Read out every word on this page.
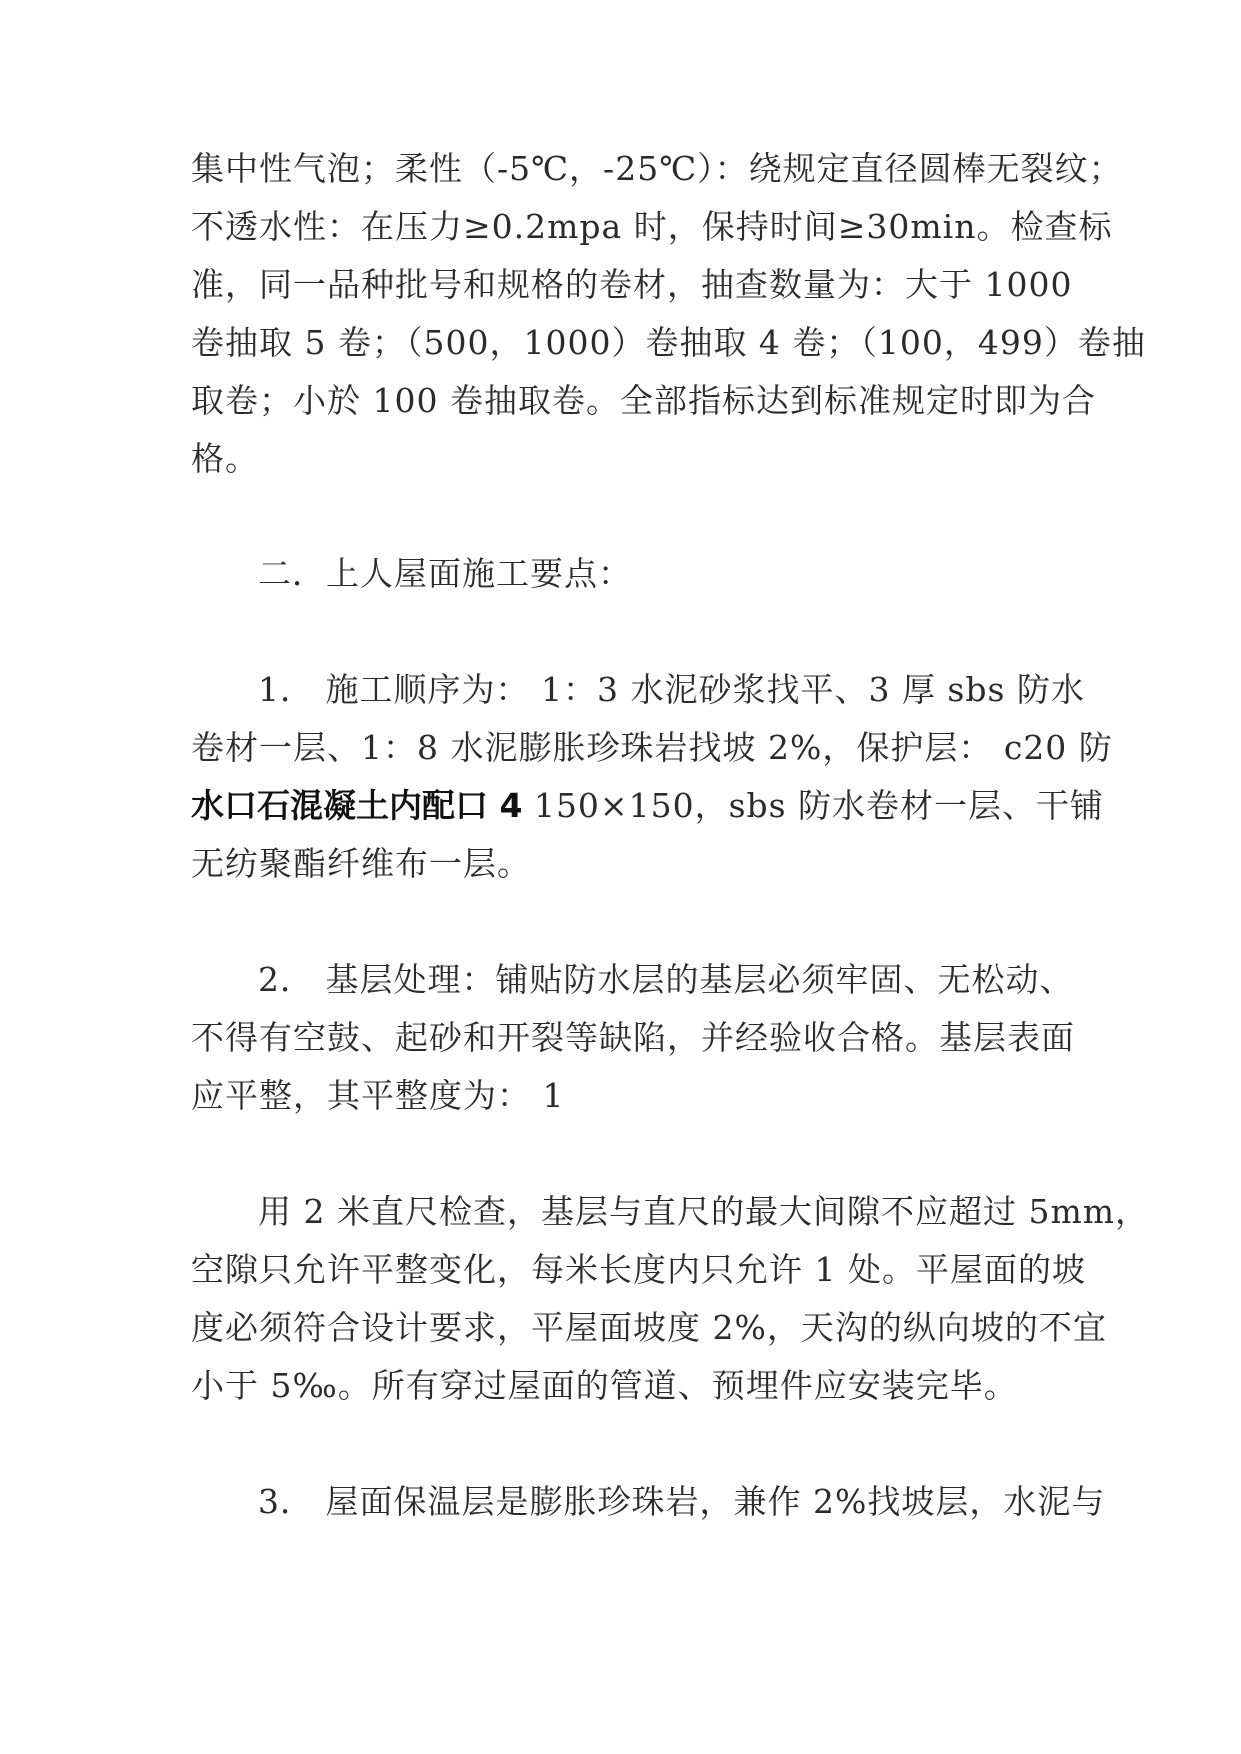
集中性气泡；柔性（-5℃，-25℃）：绕规定直径圆棒无裂纹；
不透水性：在压力≥0.2mpa 时，保持时间≥30min。检查标
准，同一品种批号和规格的卷材，抽查数量为：大于 1000
卷抽取 5 卷；（500，1000）卷抽取 4 卷；（100，499）卷抽
取卷；小於 100 卷抽取卷。全部指标达到标准规定时即为合
格。
二．上人屋面施工要点：
1． 施工顺序为： 1：3 水泥砂浆找平、3 厚 sbs 防水
卷材一层、1：8 水泥膨胀珍珠岩找坡 2%，保护层： c20 防
水口石混凝土内配口 4 150×150，sbs 防水卷材一层、干铺
无纺聚酯纤维布一层。
2． 基层处理：铺贴防水层的基层必须牢固、无松动、
不得有空鼓、起砂和开裂等缺陷，并经验收合格。基层表面
应平整，其平整度为： 1
用 2 米直尺检查，基层与直尺的最大间隙不应超过 5mm，
空隙只允许平整变化，每米长度内只允许 1 处。平屋面的坡
度必须符合设计要求，平屋面坡度 2%，天沟的纵向坡的不宜
小于 5‰。所有穿过屋面的管道、预埋件应安装完毕。
3． 屋面保温层是膨胀珍珠岩，兼作 2%找坡层，水泥与
